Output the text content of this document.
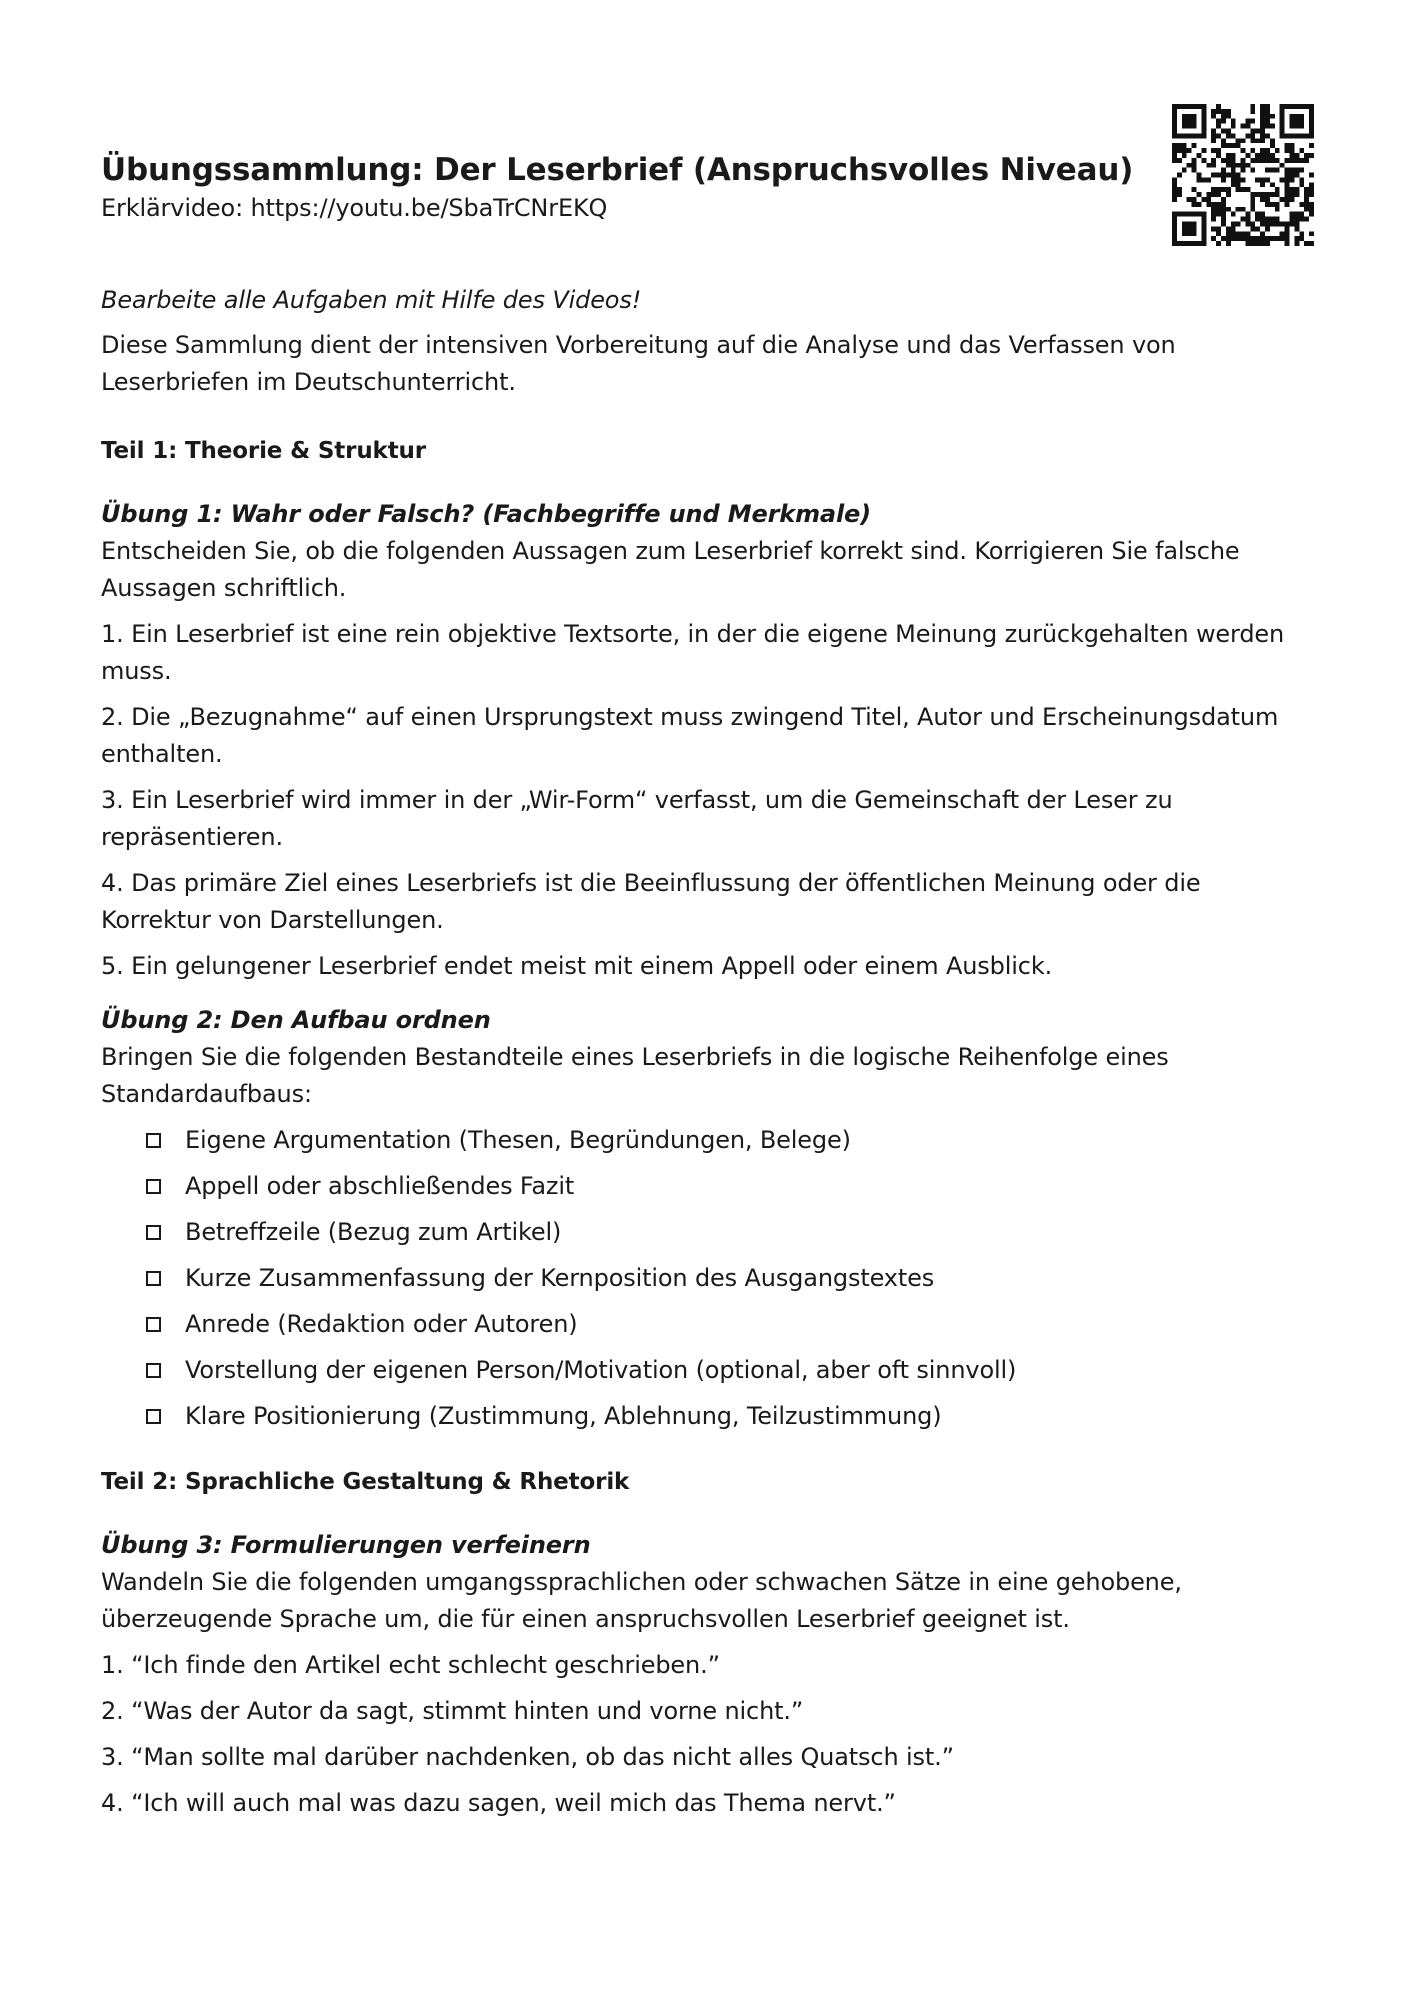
Übungssammlung: Der Leserbrief (Anspruchsvolles Niveau)

Erklärvideo: https://youtu.be/SbaTrCNrEKQ

Bearbeite alle Aufgaben mit Hilfe des Videos!

Diese Sammlung dient der intensiven Vorbereitung auf die Analyse und das Verfassen von Leserbriefen im Deutschunterricht.

Teil 1: Theorie & Struktur

Übung 1: Wahr oder Falsch? (Fachbegriffe und Merkmale)

Entscheiden Sie, ob die folgenden Aussagen zum Leserbrief korrekt sind. Korrigieren Sie falsche Aussagen schriftlich.

1. Ein Leserbrief ist eine rein objektive Textsorte, in der die eigene Meinung zurückgehalten werden muss.

2. Die „Bezugnahme“ auf einen Ursprungstext muss zwingend Titel, Autor und Erscheinungsdatum enthalten.

3. Ein Leserbrief wird immer in der „Wir-Form“ verfasst, um die Gemeinschaft der Leser zu repräsentieren.

4. Das primäre Ziel eines Leserbriefs ist die Beeinflussung der öffentlichen Meinung oder die Korrektur von Darstellungen.

5. Ein gelungener Leserbrief endet meist mit einem Appell oder einem Ausblick.

Übung 2: Den Aufbau ordnen

Bringen Sie die folgenden Bestandteile eines Leserbriefs in die logische Reihenfolge eines Standardaufbaus:

Eigene Argumentation (Thesen, Begründungen, Belege)
Appell oder abschließendes Fazit
Betreffzeile (Bezug zum Artikel)
Kurze Zusammenfassung der Kernposition des Ausgangstextes
Anrede (Redaktion oder Autoren)
Vorstellung der eigenen Person/Motivation (optional, aber oft sinnvoll)
Klare Positionierung (Zustimmung, Ablehnung, Teilzustimmung)

Teil 2: Sprachliche Gestaltung & Rhetorik

Übung 3: Formulierungen verfeinern

Wandeln Sie die folgenden umgangssprachlichen oder schwachen Sätze in eine gehobene, überzeugende Sprache um, die für einen anspruchsvollen Leserbrief geeignet ist.

1. “Ich finde den Artikel echt schlecht geschrieben.”

2. “Was der Autor da sagt, stimmt hinten und vorne nicht.”

3. “Man sollte mal darüber nachdenken, ob das nicht alles Quatsch ist.”

4. “Ich will auch mal was dazu sagen, weil mich das Thema nervt.”
